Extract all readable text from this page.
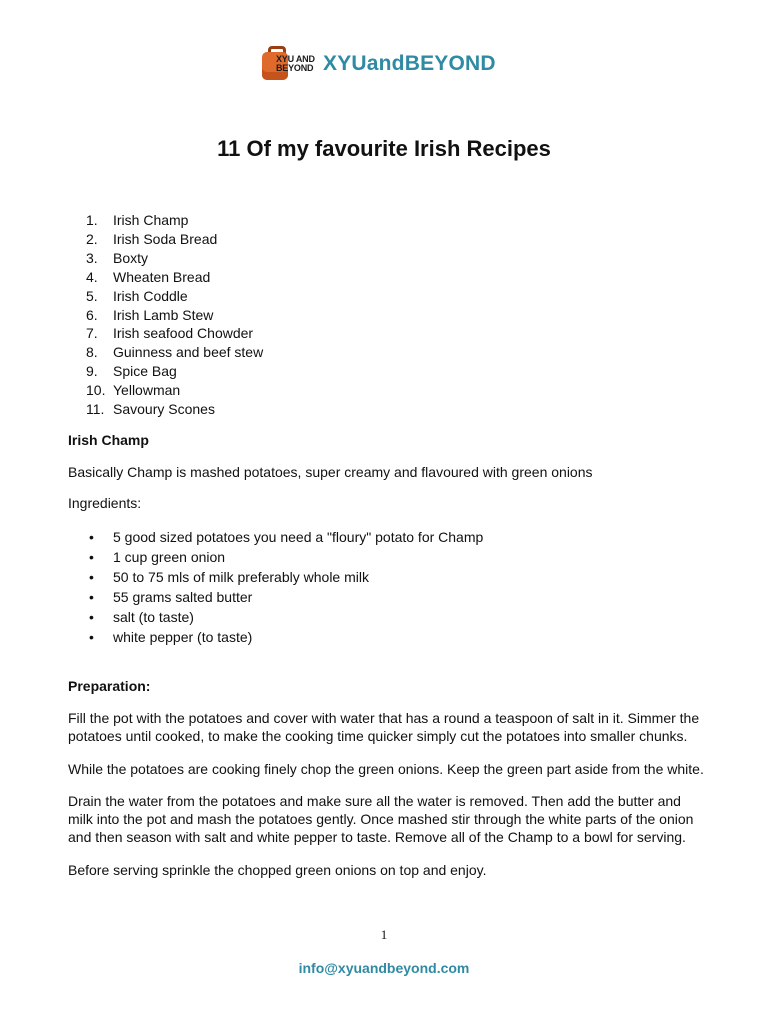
XYU AND
BEYOND XYUandBEYOND
11 Of my favourite Irish Recipes
1.	Irish Champ
2.	Irish Soda Bread
3.	Boxty
4.	Wheaten Bread
5.	Irish Coddle
6.	Irish Lamb Stew
7.	Irish seafood Chowder
8.	Guinness and beef stew
9.	Spice Bag
10. Yellowman
11. Savoury Scones
Irish Champ
Basically Champ is mashed potatoes, super creamy and flavoured with green onions
Ingredients:
•	5 good sized potatoes you need a "floury" potato for Champ
•	1 cup green onion
•	50 to 75 mls of milk preferably whole milk
•	55 grams salted butter
•	salt (to taste)
•	white pepper (to taste)
Preparation:
Fill the pot with the potatoes and cover with water that has a round a teaspoon of salt in it. Simmer the
potatoes until cooked, to make the cooking time quicker simply cut the potatoes into smaller chunks.
While the potatoes are cooking finely chop the green onions. Keep the green part aside from the white.
Drain the water from the potatoes and make sure all the water is removed. Then add the butter and
milk into the pot and mash the potatoes gently. Once mashed stir through the white parts of the onion
and then season with salt and white pepper to taste. Remove all of the Champ to a bowl for serving.
Before serving sprinkle the chopped green onions on top and enjoy.
1
info@xyuandbeyond.com
